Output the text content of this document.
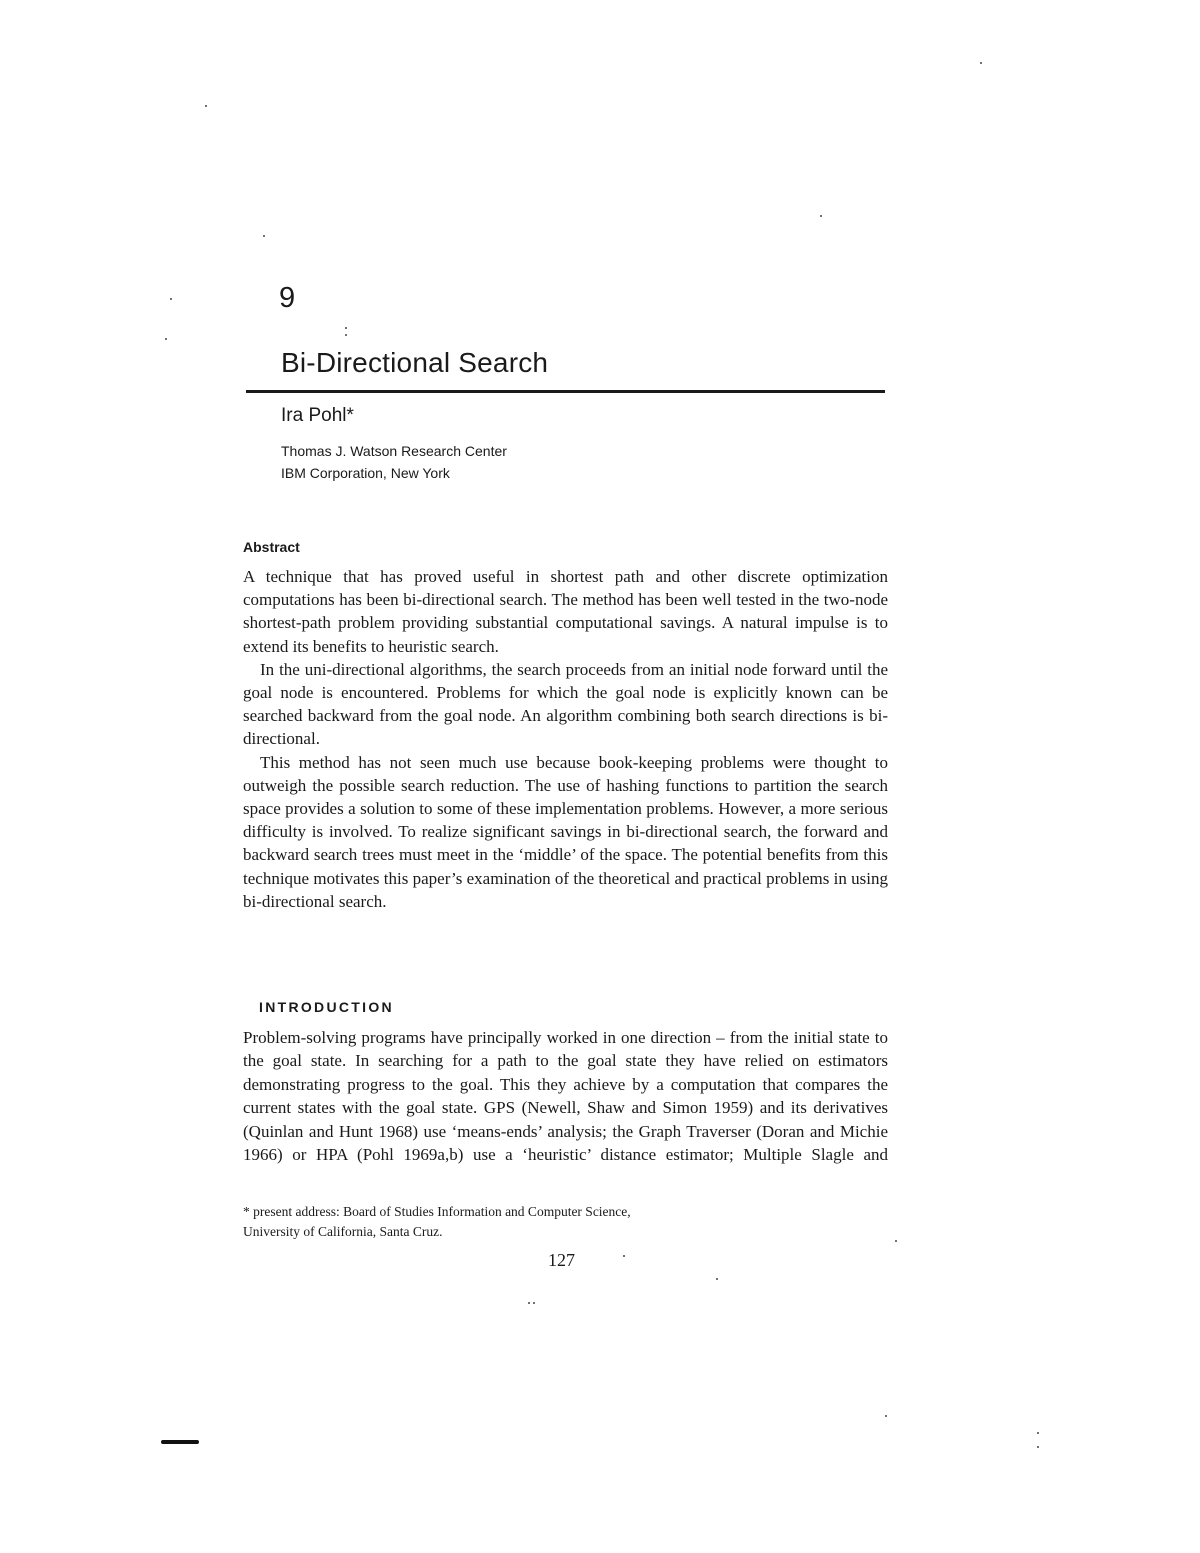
9
Bi-Directional Search
Ira Pohl*
Thomas J. Watson Research Center
IBM Corporation, New York
Abstract

A technique that has proved useful in shortest path and other discrete optimization computations has been bi-directional search. The method has been well tested in the two-node shortest-path problem providing substantial computational savings. A natural impulse is to extend its benefits to heuristic search.

In the uni-directional algorithms, the search proceeds from an initial node forward until the goal node is encountered. Problems for which the goal node is explicitly known can be searched backward from the goal node. An algorithm combining both search directions is bi-directional.

This method has not seen much use because book-keeping problems were thought to outweigh the possible search reduction. The use of hashing functions to partition the search space provides a solution to some of these implementation problems. However, a more serious difficulty is involved. To realize significant savings in bi-directional search, the forward and backward search trees must meet in the ‘middle’ of the space. The potential benefits from this technique motivates this paper’s examination of the theoretical and practical problems in using bi-directional search.

INTRODUCTION

Problem-solving programs have principally worked in one direction – from the initial state to the goal state. In searching for a path to the goal state they have relied on estimators demonstrating progress to the goal. This they achieve by a computation that compares the current states with the goal state. GPS (Newell, Shaw and Simon 1959) and its derivatives (Quinlan and Hunt 1968) use ‘means-ends’ analysis; the Graph Traverser (Doran and Michie 1966) or HPA (Pohl 1969a,b) use a ‘heuristic’ distance estimator; Multiple Slagle and

* present address: Board of Studies Information and Computer Science,
University of California, Santa Cruz.
127
